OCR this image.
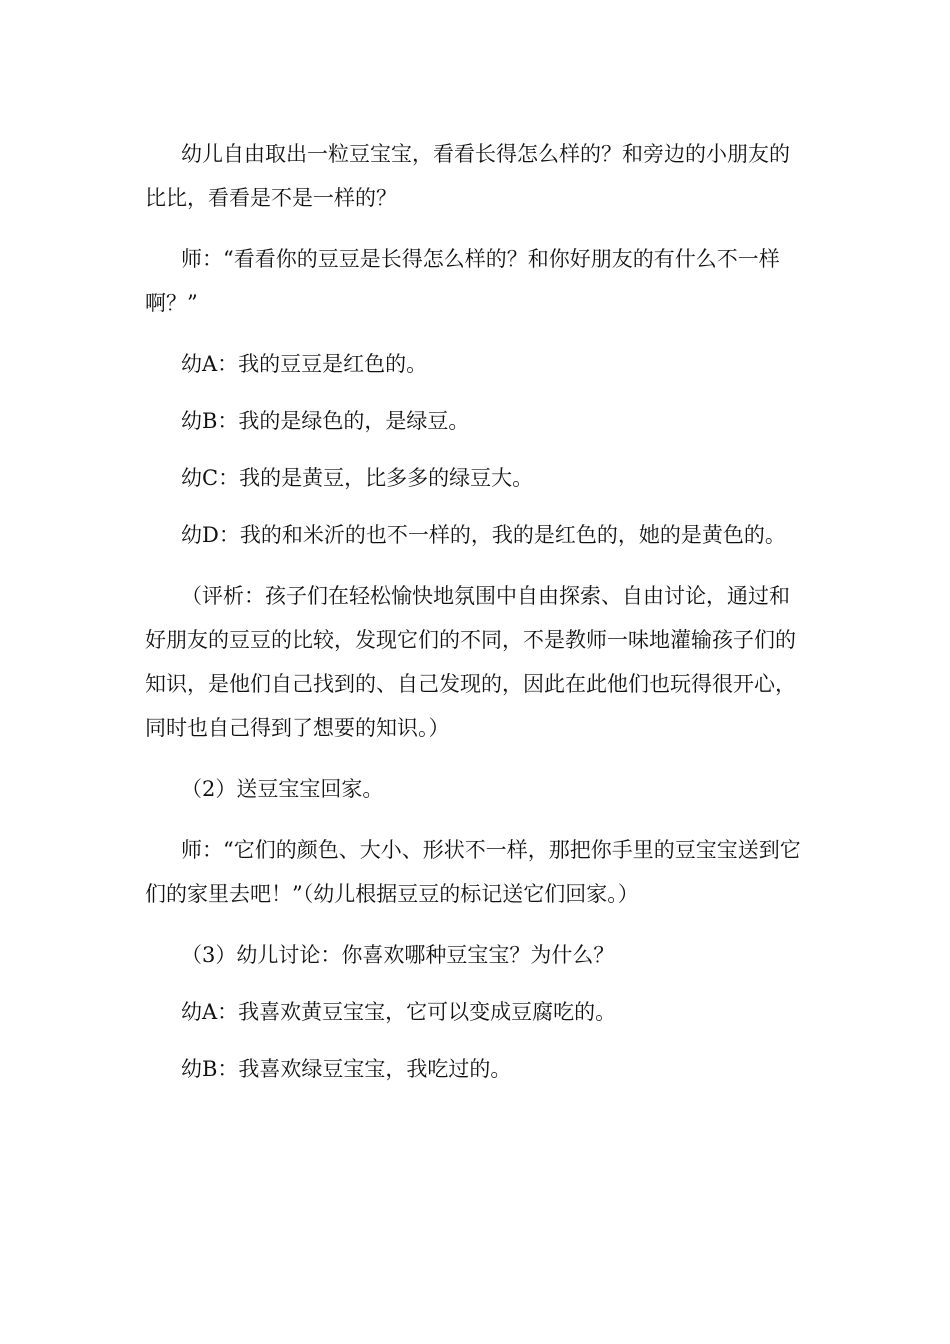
幼儿自由取出一粒豆宝宝，看看长得怎么样的？和旁边的小朋友的比比，看看是不是一样的？

师：“看看你的豆豆是长得怎么样的？和你好朋友的有什么不一样啊？”

幼A：我的豆豆是红色的。

幼B：我的是绿色的，是绿豆。

幼C：我的是黄豆，比多多的绿豆大。

幼D：我的和米沂的也不一样的，我的是红色的，她的是黄色的。

（评析：孩子们在轻松愉快地氛围中自由探索、自由讨论，通过和好朋友的豆豆的比较，发现它们的不同，不是教师一味地灌输孩子们的知识，是他们自己找到的、自己发现的，因此在此他们也玩得很开心，同时也自己得到了想要的知识。）

（2）送豆宝宝回家。

师：“它们的颜色、大小、形状不一样，那把你手里的豆宝宝送到它们的家里去吧！”（幼儿根据豆豆的标记送它们回家。）

（3）幼儿讨论：你喜欢哪种豆宝宝？为什么？

幼A：我喜欢黄豆宝宝，它可以变成豆腐吃的。

幼B：我喜欢绿豆宝宝，我吃过的。
